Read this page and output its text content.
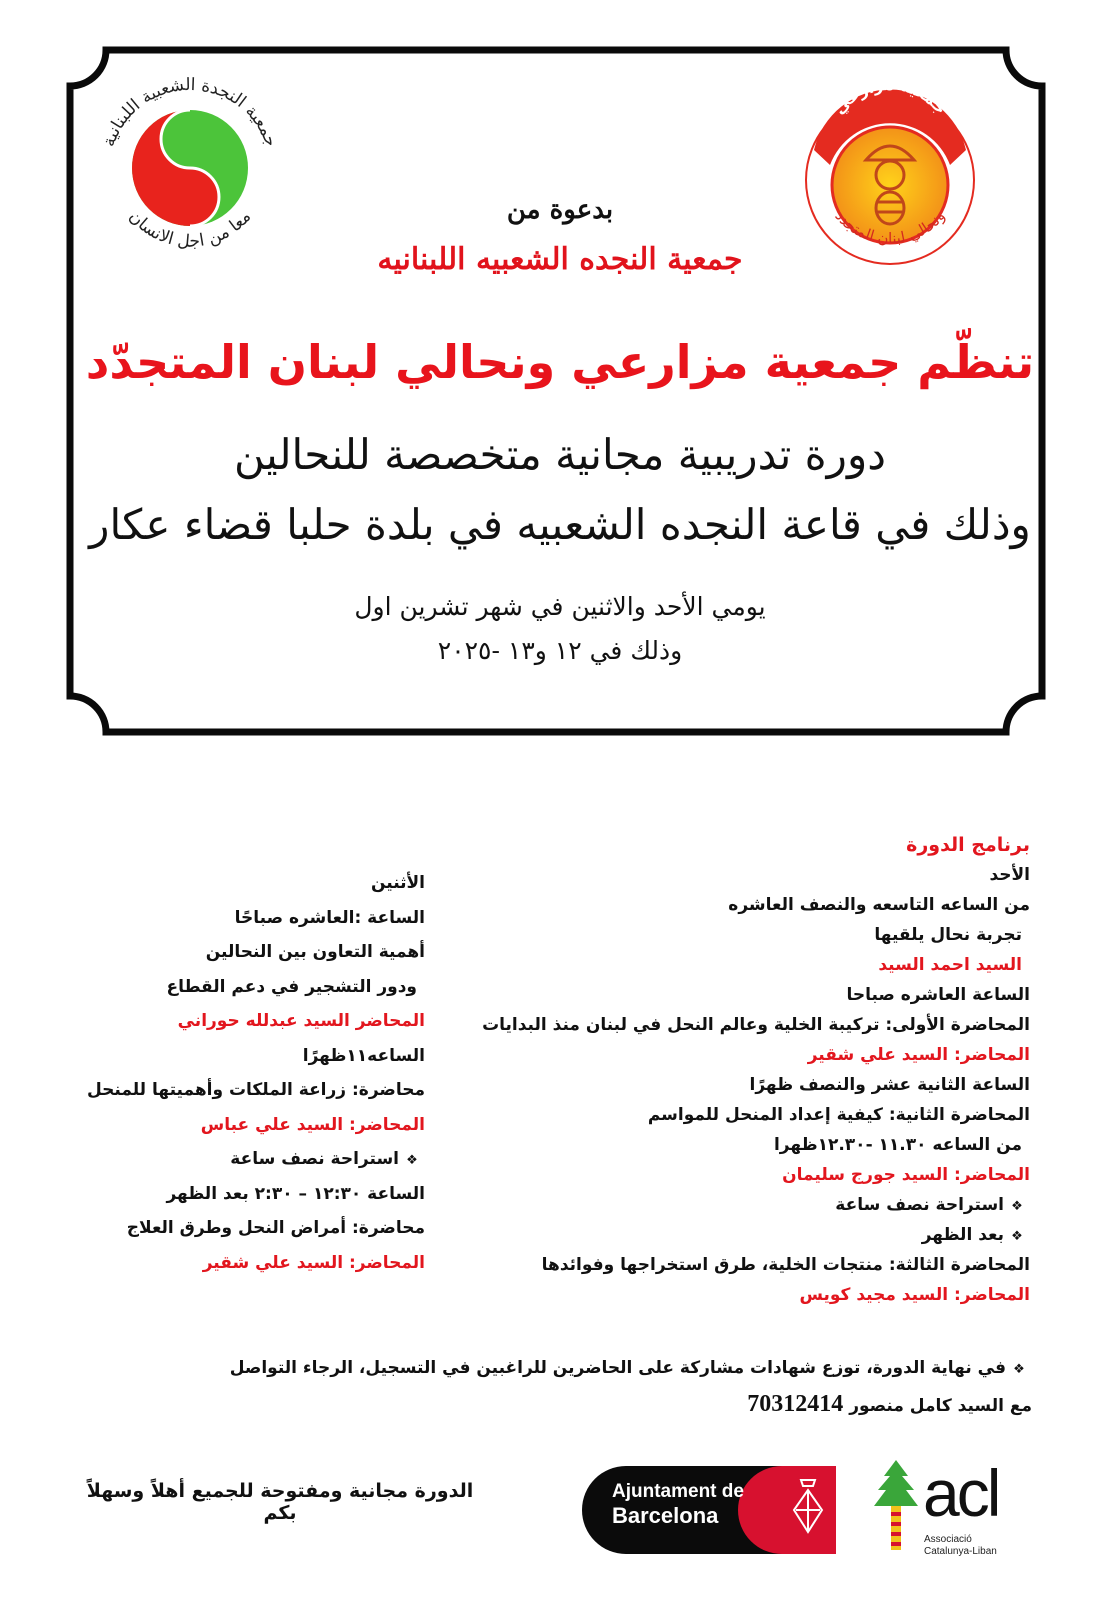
جمعية النجدة الشعبية اللبنانية
معا من اجل الانسان
جمعية مزارعي
ونحالي لبنان المتجدد
بدعوة من
جمعية النجده الشعبيه اللبنانيه
تنظّم جمعية مزارعي ونحالي لبنان المتجدّد
دورة تدريبية مجانية متخصصة للنحالين
وذلك في قاعة النجده الشعبيه في بلدة حلبا قضاء عكار
يومي الأحد والاثنين في شهر تشرين اول
وذلك في ١٢ و١٣ -٢٠٢٥
برنامج الدورة
الأحد
من الساعه التاسعه والنصف العاشره
تجربة نحال يلقيها
السيد احمد السيد
الساعة العاشره صباحا
المحاضرة الأولى: تركيبة الخلية وعالم النحل في لبنان منذ البدايات
المحاضر: السيد علي شقير
الساعة الثانية عشر والنصف ظهرًا
المحاضرة الثانية: كيفية إعداد المنحل للمواسم
من الساعه ١١.٣٠ -١٢.٣٠ظهرا
المحاضر: السيد جورج سليمان
❖استراحة نصف ساعة
❖بعد الظهر
المحاضرة الثالثة: منتجات الخلية، طرق استخراجها وفوائدها
المحاضر: السيد مجيد كويس
الأثنين
الساعة :العاشره صباحًا
أهمية التعاون بين النحالين
ودور التشجير في دعم القطاع
المحاضر السيد عبدلله حوراني
الساعه١١ظهرًا
محاضرة: زراعة الملكات وأهميتها للمنحل
المحاضر: السيد علي عباس
❖استراحة نصف ساعة
الساعة ١٢:٣٠ – ٢:٣٠ بعد الظهر
محاضرة: أمراض النحل وطرق العلاج
المحاضر: السيد علي شقير
❖في نهاية الدورة، توزع شهادات مشاركة على الحاضرين للراغبين في التسجيل، الرجاء التواصل
مع السيد كامل منصور 70312414
الدورة مجانية ومفتوحة للجميع أهلاً وسهلاً بكم
Ajuntament de
Barcelona	acl
Associació
Catalunya-Liban
